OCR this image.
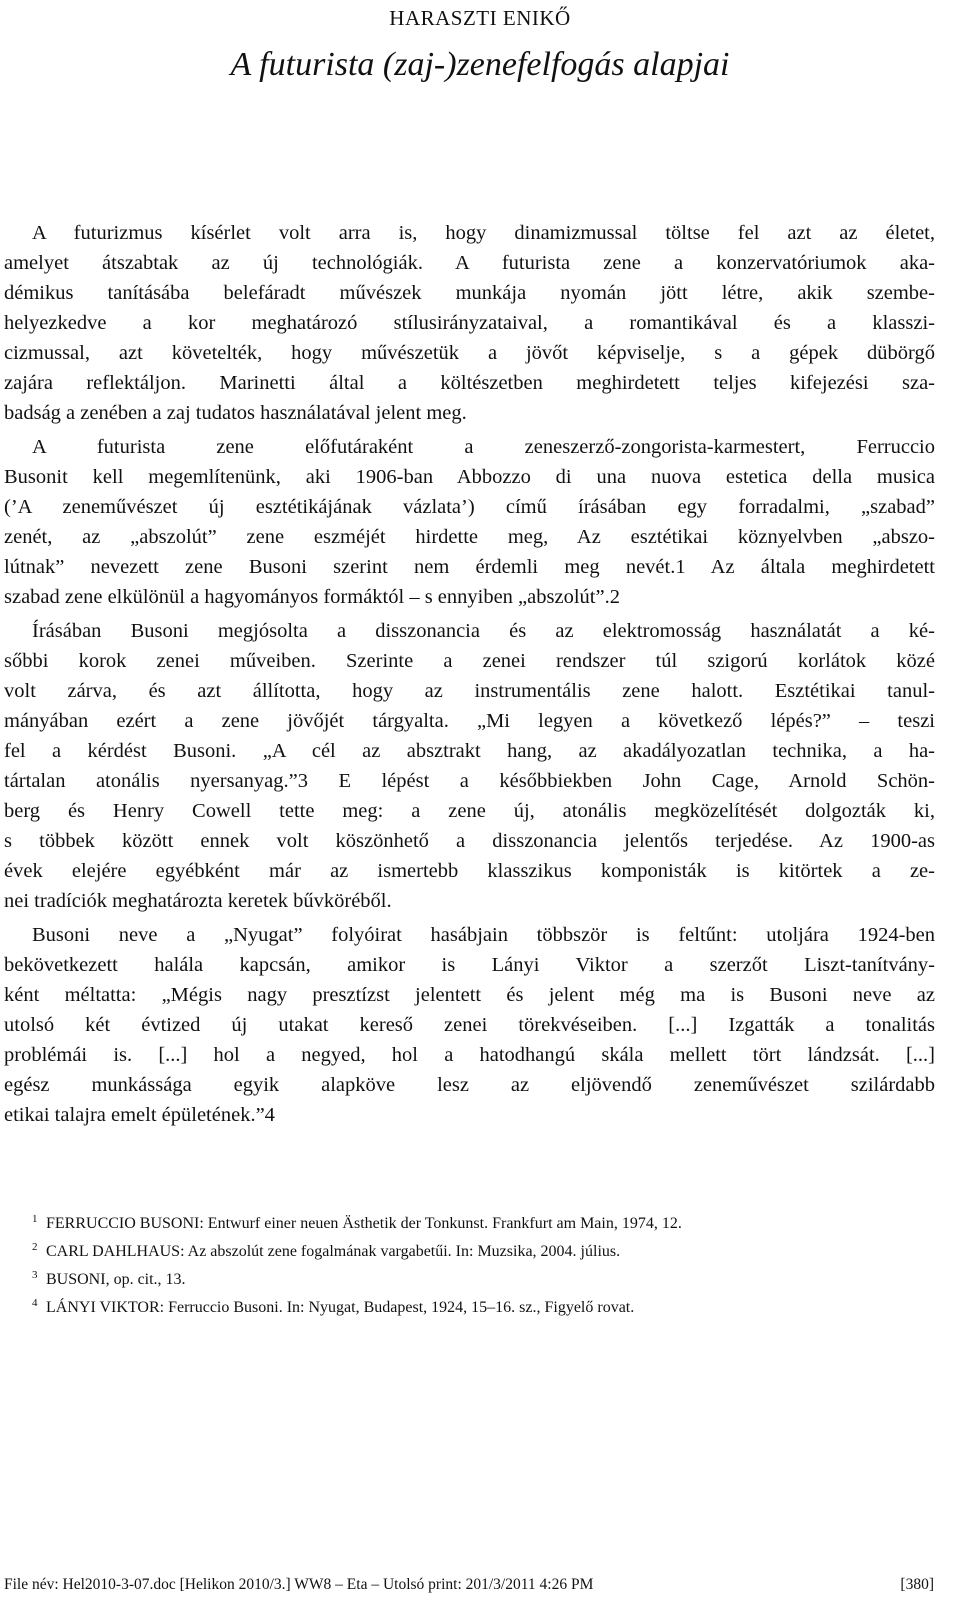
HARASZTI ENIKŐ
A futurista (zaj-)zenefelfogás alapjai
A futurizmus kísérlet volt arra is, hogy dinamizmussal töltse fel azt az életet,
amelyet átszabtak az új technológiák. A futurista zene a konzervatóriumok aka-
démikus tanításába belefáradt művészek munkája nyomán jött létre, akik szembe-
helyezkedve a kor meghatározó stílusirányzataival, a romantikával és a klasszi-
cizmussal, azt követelték, hogy művészetük a jövőt képviselje, s a gépek dübörgő
zajára reflektáljon. Marinetti által a költészetben meghirdetett teljes kifejezési sza-
badság a zenében a zaj tudatos használatával jelent meg.
A futurista zene előfutáraként a zeneszerző-zongorista-karmestert, Ferruccio
Busonit kell megemlítenünk, aki 1906-ban Abbozzo di una nuova estetica della musica
(’A zeneművészet új esztétikájának vázlata’) című írásában egy forradalmi, „szabad”
zenét, az „abszolút” zene eszméjét hirdette meg, Az esztétikai köznyelvben „abszo-
lútnak” nevezett zene Busoni szerint nem érdemli meg nevét.1 Az általa meghirdetett
szabad zene elkülönül a hagyományos formáktól – s ennyiben „abszolút”.2
Írásában Busoni megjósolta a disszonancia és az elektromosság használatát a ké-
sőbbi korok zenei műveiben. Szerinte a zenei rendszer túl szigorú korlátok közé
volt zárva, és azt állította, hogy az instrumentális zene halott. Esztétikai tanul-
mányában ezért a zene jövőjét tárgyalta. „Mi legyen a következő lépés?” – teszi
fel a kérdést Busoni. „A cél az absztrakt hang, az akadályozatlan technika, a ha-
tártalan atonális nyersanyag.”3 E lépést a későbbiekben John Cage, Arnold Schön-
berg és Henry Cowell tette meg: a zene új, atonális megközelítését dolgozták ki,
s többek között ennek volt köszönhető a disszonancia jelentős terjedése. Az 1900-as
évek elejére egyébként már az ismertebb klasszikus komponisták is kitörtek a ze-
nei tradíciók meghatározta keretek bűvköréből.
Busoni neve a „Nyugat” folyóirat hasábjain többször is feltűnt: utoljára 1924-ben
bekövetkezett halála kapcsán, amikor is Lányi Viktor a szerzőt Liszt-tanítvány-
ként méltatta: „Mégis nagy presztízst jelentett és jelent még ma is Busoni neve az
utolsó két évtized új utakat kereső zenei törekvéseiben. [...] Izgatták a tonalitás
problémái is. [...] hol a negyed, hol a hatodhangú skála mellett tört lándzsát. [...]
egész munkássága egyik alapköve lesz az eljövendő zeneművészet szilárdabb
etikai talajra emelt épületének.”4
1 FERRUCCIO BUSONI: Entwurf einer neuen Ästhetik der Tonkunst. Frankfurt am Main, 1974, 12.
2 CARL DAHLHAUS: Az abszolút zene fogalmának vargabetűi. In: Muzsika, 2004. július.
3 BUSONI, op. cit., 13.
4 LÁNYI VIKTOR: Ferruccio Busoni. In: Nyugat, Budapest, 1924, 15–16. sz., Figyelő rovat.
File név: Hel2010-3-07.doc [Helikon 2010/3.] WW8 – Eta – Utolsó print: 201/3/2011 4:26 PM	[380]
